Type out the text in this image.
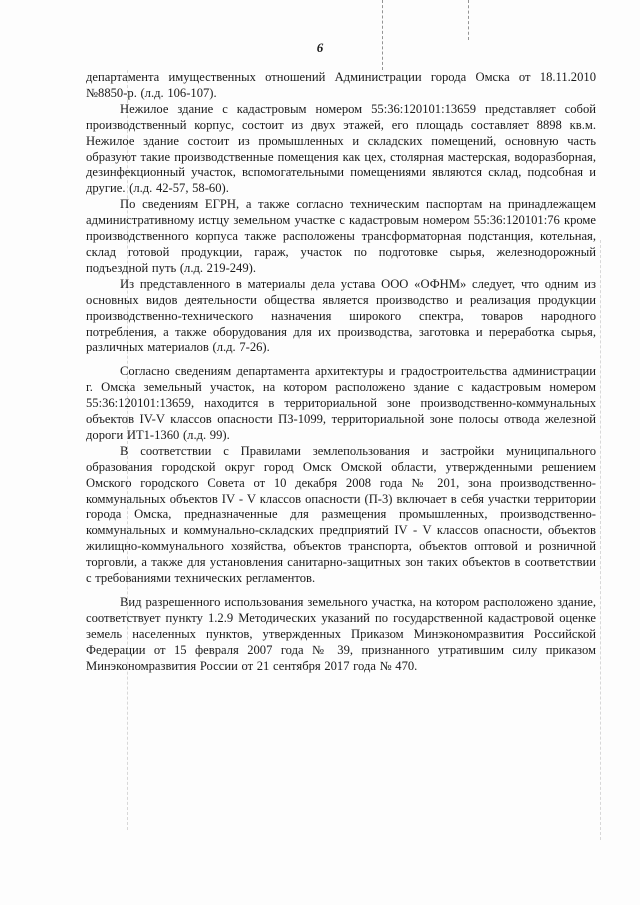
6

департамента имущественных отношений Администрации города Омска от 18.11.2010 №8850-р. (л.д. 106-107).

Нежилое здание с кадастровым номером 55:36:120101:13659 представляет собой производственный корпус, состоит из двух этажей, его площадь составляет 8898 кв.м. Нежилое здание состоит из промышленных и складских помещений, основную часть образуют такие производственные помещения как цех, столярная мастерская, водоразборная, дезинфекционный участок, вспомогательными помещениями являются склад, подсобная и другие. (л.д. 42-57, 58-60).

По сведениям ЕГРН, а также согласно техническим паспортам на принадлежащем административному истцу земельном участке с кадастровым номером 55:36:120101:76 кроме производственного корпуса также расположены трансформаторная подстанция, котельная, склад готовой продукции, гараж, участок по подготовке сырья, железнодорожный подъездной путь (л.д. 219-249).

Из представленного в материалы дела устава ООО «ОФНМ» следует, что одним из основных видов деятельности общества является производство и реализация продукции производственно-технического назначения широкого спектра, товаров народного потребления, а также оборудования для их производства, заготовка и переработка сырья, различных материалов (л.д. 7-26).

Согласно сведениям департамента архитектуры и градостроительства администрации г. Омска земельный участок, на котором расположено здание с кадастровым номером 55:36:120101:13659, находится в территориальной зоне производственно-коммунальных объектов IV-V классов опасности ПЗ-1099, территориальной зоне полосы отвода железной дороги ИТ1-1360 (л.д. 99).

В соответствии с Правилами землепользования и застройки муниципального образования городской округ город Омск Омской области, утвержденными решением Омского городского Совета от 10 декабря 2008 года № 201, зона производственно-коммунальных объектов IV - V классов опасности (П-3) включает в себя участки территории города Омска, предназначенные для размещения промышленных, производственно-коммунальных и коммунально-складских предприятий IV - V классов опасности, объектов жилищно-коммунального хозяйства, объектов транспорта, объектов оптовой и розничной торговли, а также для установления санитарно-защитных зон таких объектов в соответствии с требованиями технических регламентов.

Вид разрешенного использования земельного участка, на котором расположено здание, соответствует пункту 1.2.9 Методических указаний по государственной кадастровой оценке земель населенных пунктов, утвержденных Приказом Минэкономразвития Российской Федерации от 15 февраля 2007 года № 39, признанного утратившим силу приказом Минэкономразвития России от 21 сентября 2017 года № 470.
